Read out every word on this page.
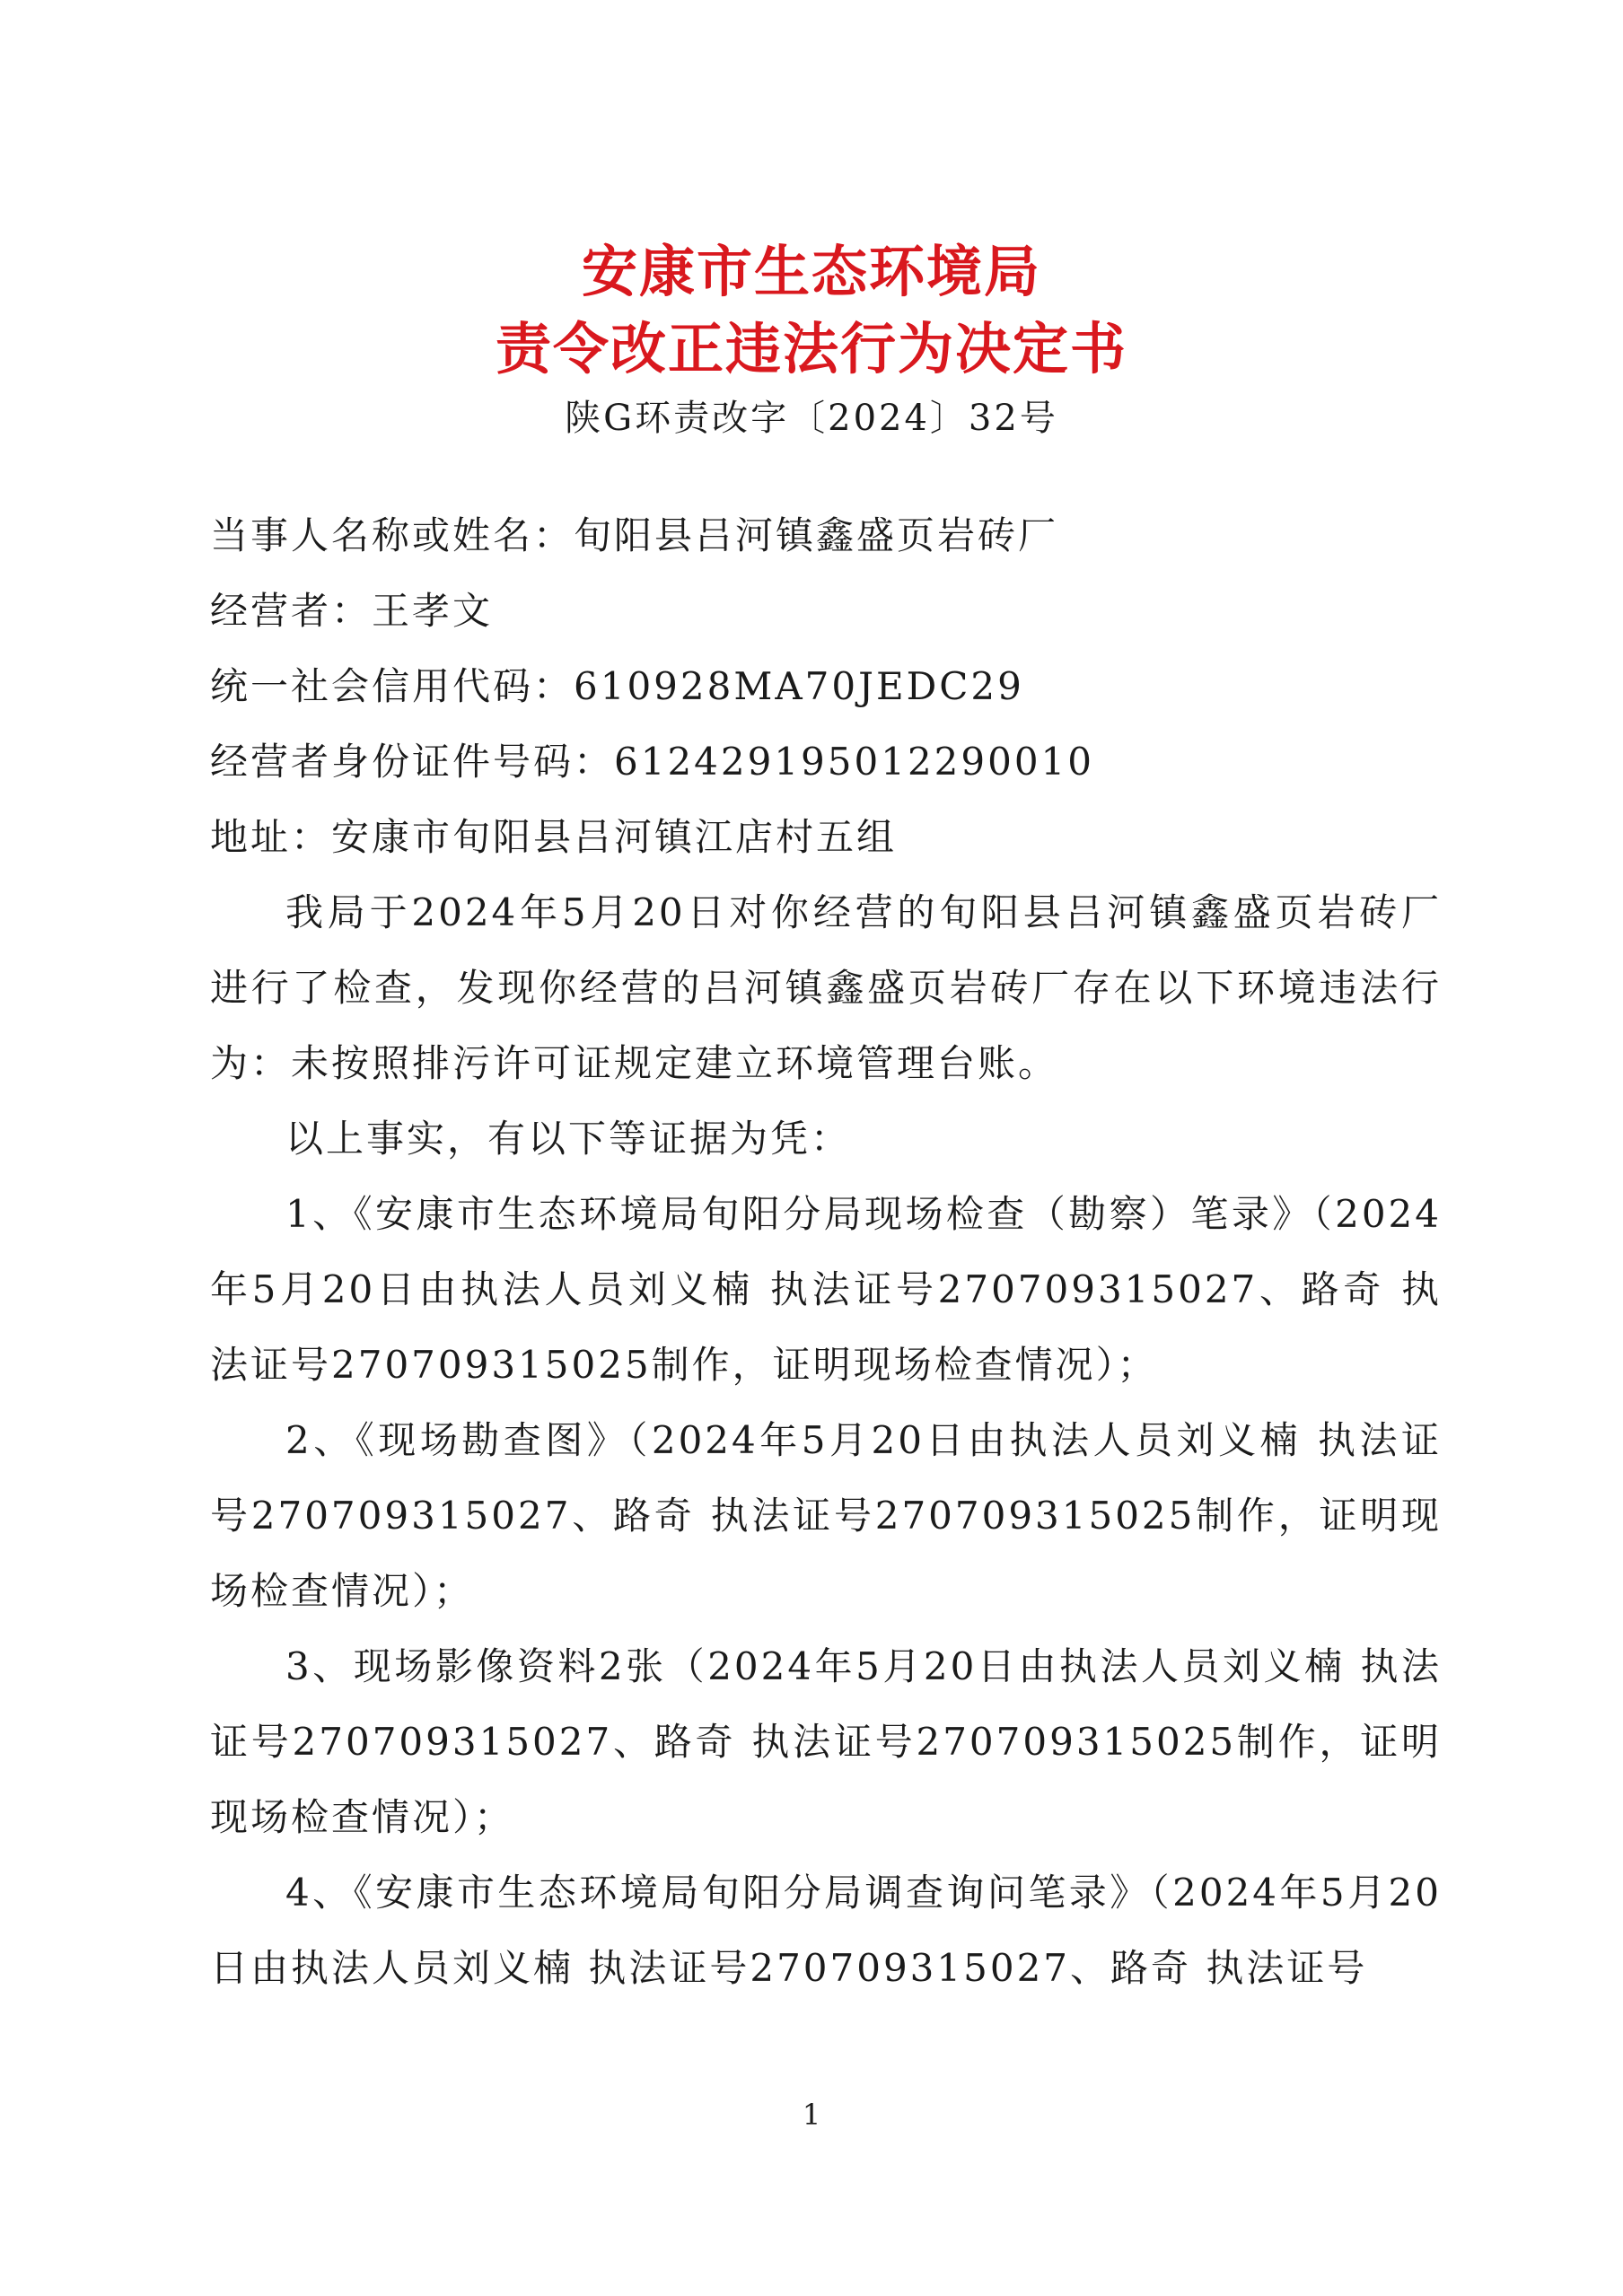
安康市生态环境局
责令改正违法行为决定书
陕G环责改字〔2024〕32号

当事人名称或姓名：旬阳县吕河镇鑫盛页岩砖厂

经营者：王孝文

统一社会信用代码：610928MA70JEDC29

经营者身份证件号码：612429195012290010

地址：安康市旬阳县吕河镇江店村五组

我局于2024年5月20日对你经营的旬阳县吕河镇鑫盛页岩砖厂进行了检查，发现你经营的吕河镇鑫盛页岩砖厂存在以下环境违法行为：未按照排污许可证规定建立环境管理台账。

以上事实，有以下等证据为凭：

1、《安康市生态环境局旬阳分局现场检查（勘察）笔录》（2024年5月20日由执法人员刘义楠 执法证号270709315027、路奇 执法证号270709315025制作，证明现场检查情况）；

2、《现场勘查图》（2024年5月20日由执法人员刘义楠 执法证号270709315027、路奇 执法证号270709315025制作，证明现场检查情况）；

3、现场影像资料2张（2024年5月20日由执法人员刘义楠 执法证号270709315027、路奇 执法证号270709315025制作，证明现场检查情况）；

4、《安康市生态环境局旬阳分局调查询问笔录》（2024年5月20日由执法人员刘义楠 执法证号270709315027、路奇 执法证号

1
